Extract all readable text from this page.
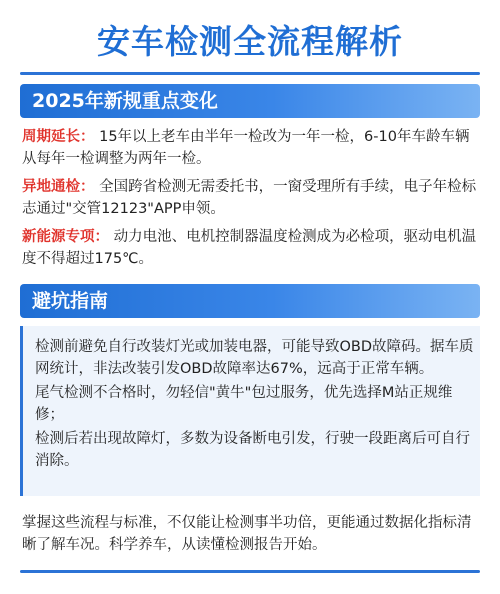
安车检测全流程解析
2025年新规重点变化
周期延长： 15年以上老车由半年一检改为一年一检，6-10年车龄车辆从每年一检调整为两年一检。
异地通检： 全国跨省检测无需委托书，一窗受理所有手续，电子年检标志通过"交管12123"APP申领。
新能源专项： 动力电池、电机控制器温度检测成为必检项，驱动电机温度不得超过175℃。
避坑指南
检测前避免自行改装灯光或加装电器，可能导致OBD故障码。据车质网统计，非法改装引发OBD故障率达67%，远高于正常车辆。
尾气检测不合格时，勿轻信"黄牛"包过服务，优先选择M站正规维修；
检测后若出现故障灯，多数为设备断电引发，行驶一段距离后可自行消除。
掌握这些流程与标准，不仅能让检测事半功倍，更能通过数据化指标清晰了解车况。科学养车，从读懂检测报告开始。
